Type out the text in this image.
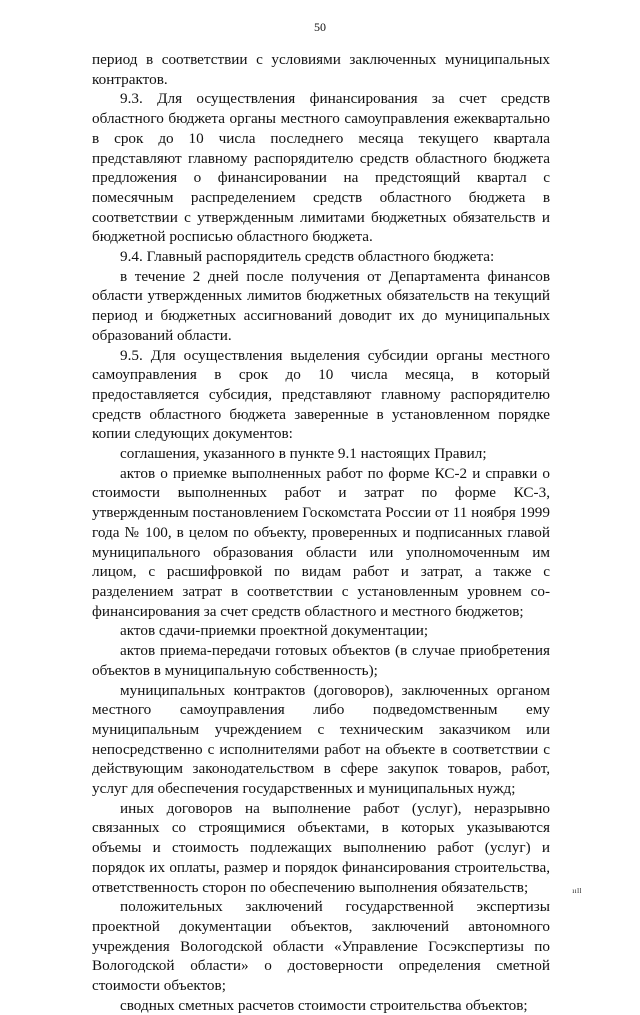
50

период в соответствии с условиями заключенных муниципальных контрактов.

9.3. Для осуществления финансирования за счет средств областного бюджета органы местного самоуправления ежеквартально в срок до 10 числа последнего месяца текущего квартала представляют главному распорядителю средств областного бюджета предложения о финансировании на предстоящий квартал с помесячным распределением средств областного бюджета в соответствии с утвержденным лимитами бюджетных обязательств и бюджетной росписью областного бюджета.

9.4. Главный распорядитель средств областного бюджета:

в течение 2 дней после получения от Департамента финансов области утвержденных лимитов бюджетных обязательств на текущий период и бюджетных ассигнований доводит их до муниципальных образований области.

9.5. Для осуществления выделения субсидии органы местного самоуправления в срок до 10 числа месяца, в который предоставляется субсидия, представляют главному распорядителю средств областного бюджета заверенные в установленном порядке копии следующих документов:

соглашения, указанного в пункте 9.1 настоящих Правил;

актов о приемке выполненных работ по форме КС-2 и справки о стоимости выполненных работ и затрат по форме КС-3, утвержденным постановлением Госкомстата России от 11 ноября 1999 года № 100, в целом по объекту, проверенных и подписанных главой муниципального образования области или уполномоченным им лицом, с расшифровкой по видам работ и затрат, а также с разделением затрат в соответствии с установленным уровнем софинансирования за счет средств областного и местного бюджетов;

актов сдачи-приемки проектной документации;

актов приема-передачи готовых объектов (в случае приобретения объектов в муниципальную собственность);

муниципальных контрактов (договоров), заключенных органом местного самоуправления либо подведомственным ему муниципальным учреждением с техническим заказчиком или непосредственно с исполнителями работ на объекте в соответствии с действующим законодательством в сфере закупок товаров, работ, услуг для обеспечения государственных и муниципальных нужд;

иных договоров на выполнение работ (услуг), неразрывно связанных со строящимися объектами, в которых указываются объемы и стоимость подлежащих выполнению работ (услуг) и порядок их оплаты, размер и порядок финансирования строительства, ответственность сторон по обеспечению выполнения обязательств;

положительных заключений государственной экспертизы проектной документации объектов, заключений автономного учреждения Вологодской области «Управление Госэкспертизы по Вологодской области» о достоверности определения сметной стоимости объектов;

сводных сметных расчетов стоимости строительства объектов;

ııll
